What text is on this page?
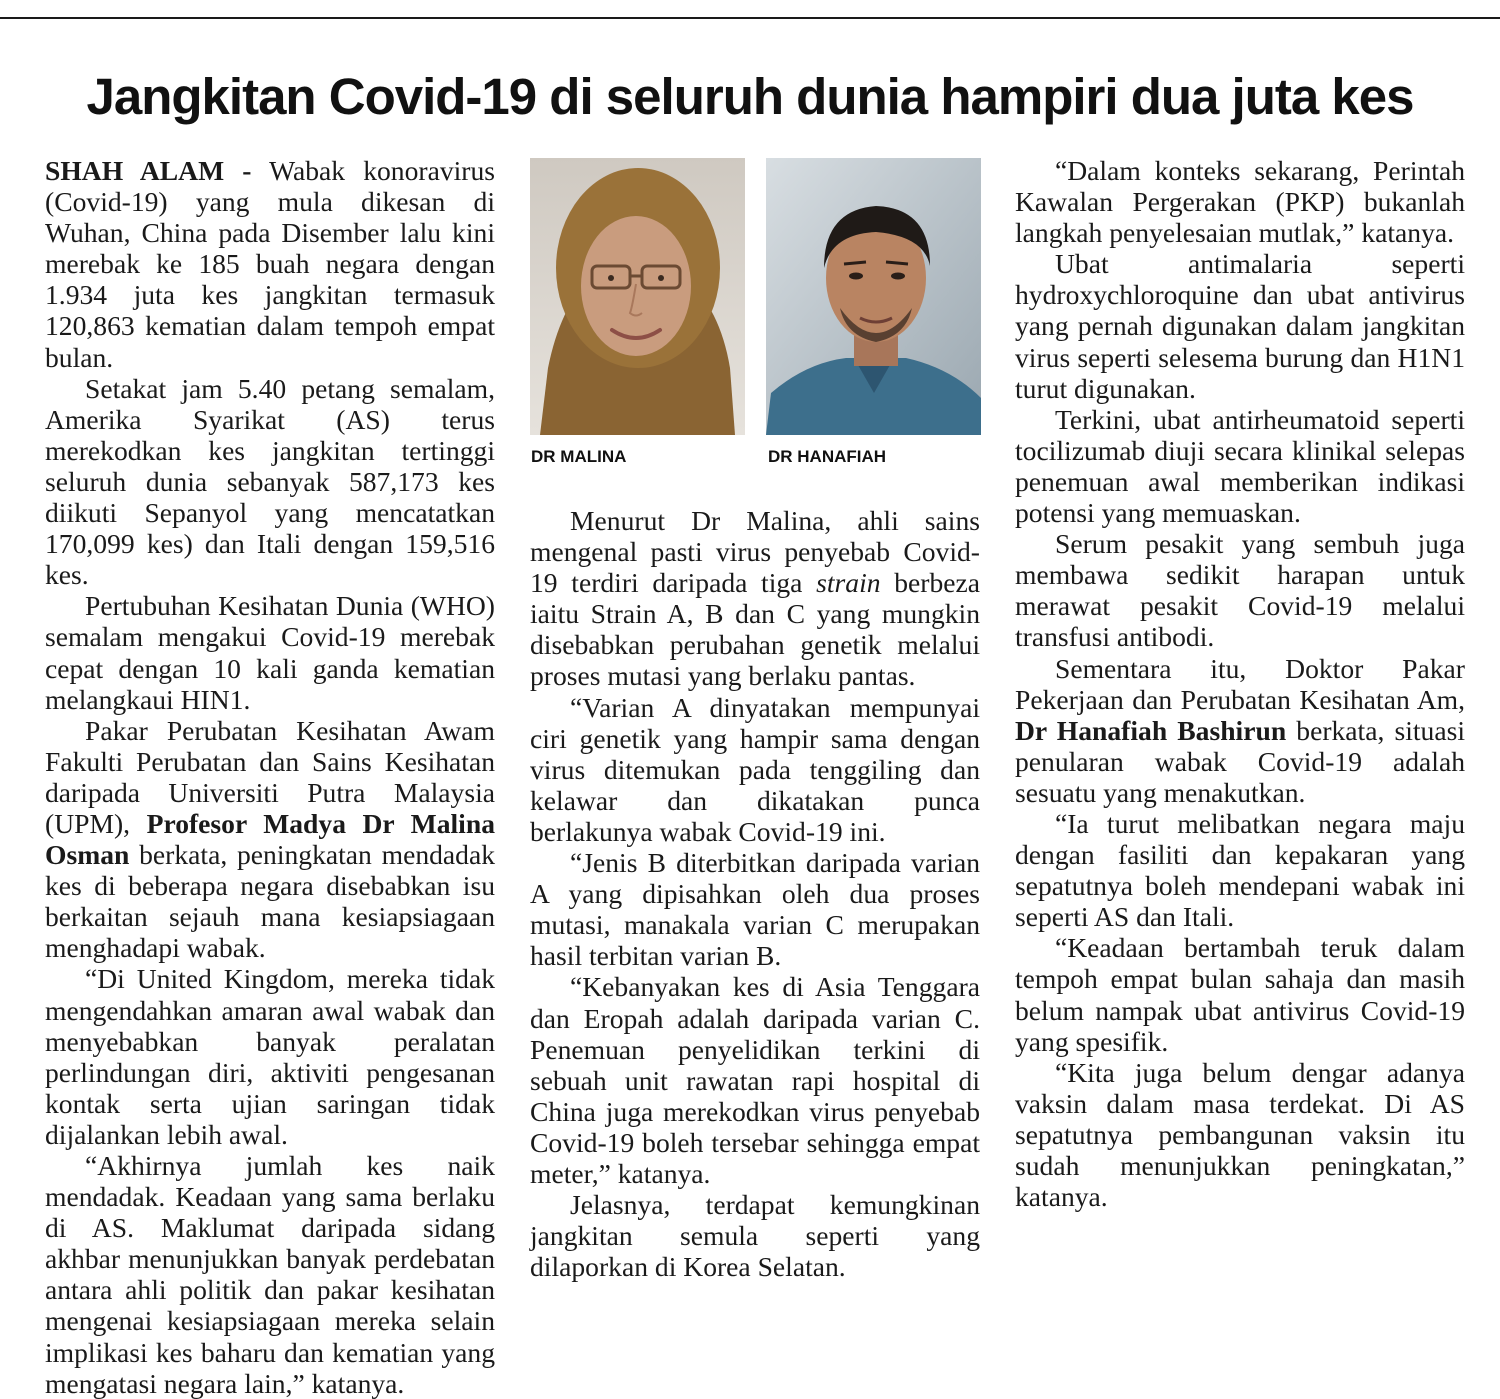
Jangkitan Covid-19 di seluruh dunia hampiri dua juta kes

SHAH ALAM - Wabak konoravirus (Covid-19) yang mula dikesan di Wuhan, China pada Disember lalu kini merebak ke 185 buah negara dengan 1.934 juta kes jangkitan termasuk 120,863 kematian dalam tempoh empat bulan.

Setakat jam 5.40 petang semalam, Amerika Syarikat (AS) terus merekodkan kes jangkitan tertinggi seluruh dunia sebanyak 587,173 kes diikuti Sepanyol yang mencatatkan 170,099 kes) dan Itali dengan 159,516 kes.

Pertubuhan Kesihatan Dunia (WHO) semalam mengakui Covid-19 merebak cepat dengan 10 kali ganda kematian melangkaui HIN1.

Pakar Perubatan Kesihatan Awam Fakulti Perubatan dan Sains Kesihatan daripada Universiti Putra Malaysia (UPM), Profesor Madya Dr Malina Osman berkata, peningkatan mendadak kes di beberapa negara disebabkan isu berkaitan sejauh mana kesiapsiagaan menghadapi wabak.

“Di United Kingdom, mereka tidak mengendahkan amaran awal wabak dan menyebabkan banyak peralatan perlindungan diri, aktiviti pengesanan kontak serta ujian saringan tidak dijalankan lebih awal.

“Akhirnya jumlah kes naik mendadak. Keadaan yang sama berlaku di AS. Maklumat daripada sidang akhbar menunjukkan banyak perdebatan antara ahli politik dan pakar kesihatan mengenai kesiapsiagaan mereka selain implikasi kes baharu dan kematian yang mengatasi negara lain,” katanya.

DR MALINA	DR HANAFIAH

Menurut Dr Malina, ahli sains mengenal pasti virus penyebab Covid-19 terdiri daripada tiga strain berbeza iaitu Strain A, B dan C yang mungkin disebabkan perubahan genetik melalui proses mutasi yang berlaku pantas.

“Varian A dinyatakan mempunyai ciri genetik yang hampir sama dengan virus ditemukan pada tenggiling dan kelawar dan dikatakan punca berlakunya wabak Covid-19 ini.

“Jenis B diterbitkan daripada varian A yang dipisahkan oleh dua proses mutasi, manakala varian C merupakan hasil terbitan varian B.

“Kebanyakan kes di Asia Tenggara dan Eropah adalah daripada varian C. Penemuan penyelidikan terkini di sebuah unit rawatan rapi hospital di China juga merekodkan virus penyebab Covid-19 boleh tersebar sehingga empat meter,” katanya.

Jelasnya, terdapat kemungkinan jangkitan semula seperti yang dilaporkan di Korea Selatan.

“Dalam konteks sekarang, Perintah Kawalan Pergerakan (PKP) bukanlah langkah penyelesaian mutlak,” katanya.

Ubat antimalaria seperti hydroxychloroquine dan ubat antivirus yang pernah digunakan dalam jangkitan virus seperti selesema burung dan H1N1 turut digunakan.

Terkini, ubat antirheumatoid seperti tocilizumab diuji secara klinikal selepas penemuan awal memberikan indikasi potensi yang memuaskan.

Serum pesakit yang sembuh juga membawa sedikit harapan untuk merawat pesakit Covid-19 melalui transfusi antibodi.

Sementara itu, Doktor Pakar Pekerjaan dan Perubatan Kesihatan Am, Dr Hanafiah Bashirun berkata, situasi penularan wabak Covid-19 adalah sesuatu yang menakutkan.

“Ia turut melibatkan negara maju dengan fasiliti dan kepakaran yang sepatutnya boleh mendepani wabak ini seperti AS dan Itali.

“Keadaan bertambah teruk dalam tempoh empat bulan sahaja dan masih belum nampak ubat antivirus Covid-19 yang spesifik.

“Kita juga belum dengar adanya vaksin dalam masa terdekat. Di AS sepatutnya pembangunan vaksin itu sudah menunjukkan peningkatan,” katanya.
